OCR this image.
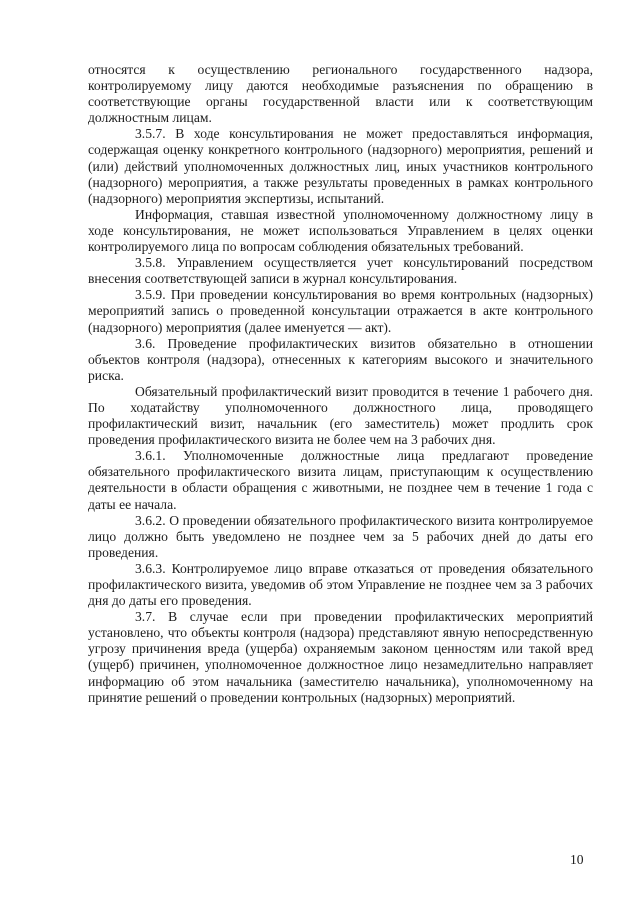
относятся к осуществлению регионального государственного надзора, контролируемому лицу даются необходимые разъяснения по обращению в соответствующие органы государственной власти или к соответствующим должностным лицам.

3.5.7. В ходе консультирования не может предоставляться информация, содержащая оценку конкретного контрольного (надзорного) мероприятия, решений и (или) действий уполномоченных должностных лиц, иных участников контрольного (надзорного) мероприятия, а также результаты проведенных в рамках контрольного (надзорного) мероприятия экспертизы, испытаний.

Информация, ставшая известной уполномоченному должностному лицу в ходе консультирования, не может использоваться Управлением в целях оценки контролируемого лица по вопросам соблюдения обязательных требований.

3.5.8. Управлением осуществляется учет консультирований посредством внесения соответствующей записи в журнал консультирования.

3.5.9. При проведении консультирования во время контрольных (надзорных) мероприятий запись о проведенной консультации отражается в акте контрольного (надзорного) мероприятия (далее именуется — акт).

3.6. Проведение профилактических визитов обязательно в отношении объектов контроля (надзора), отнесенных к категориям высокого и значительного риска.

Обязательный профилактический визит проводится в течение 1 рабочего дня. По ходатайству уполномоченного должностного лица, проводящего профилактический визит, начальник (его заместитель) может продлить срок проведения профилактического визита не более чем на 3 рабочих дня.

3.6.1. Уполномоченные должностные лица предлагают проведение обязательного профилактического визита лицам, приступающим к осуществлению деятельности в области обращения с животными, не позднее чем в течение 1 года с даты ее начала.

3.6.2. О проведении обязательного профилактического визита контролируемое лицо должно быть уведомлено не позднее чем за 5 рабочих дней до даты его проведения.

3.6.3. Контролируемое лицо вправе отказаться от проведения обязательного профилактического визита, уведомив об этом Управление не позднее чем за 3 рабочих дня до даты его проведения.

3.7. В случае если при проведении профилактических мероприятий установлено, что объекты контроля (надзора) представляют явную непосредственную угрозу причинения вреда (ущерба) охраняемым законом ценностям или такой вред (ущерб) причинен, уполномоченное должностное лицо незамедлительно направляет информацию об этом начальника (заместителю начальника), уполномоченному на принятие решений о проведении контрольных (надзорных) мероприятий.

10
